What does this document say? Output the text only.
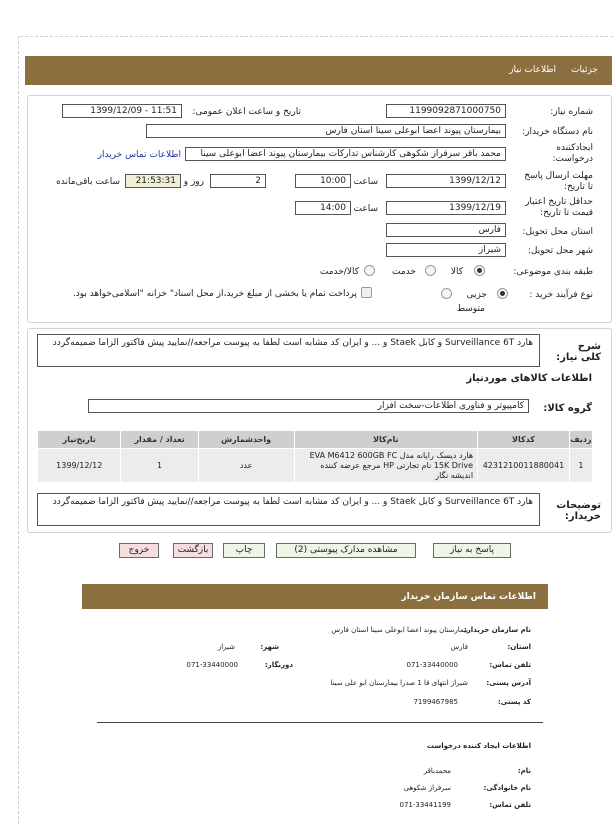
جزئیات
اطلاعات نیاز
شماره نیاز:
1199092871000750
تاریخ و ساعت اعلان عمومی:
1399/12/09 - 11:51
نام دستگاه خریدار:
بیمارستان پیوند اعضا ابوعلی سینا استان فارس
ایجادکننده درخواست:
محمد باقر سرفراز شکوهی کارشناس تداركات بیمارستان پیوند اعضا ابوعلی سینا
اطلاعات تماس خریدار
مهلت ارسال پاسخ تا تاریخ:
1399/12/12
ساعت
10:00
2
روز و
21:53:31
ساعت باقی‌مانده
حداقل تاریخ اعتبار قیمت تا تاریخ:
1399/12/19
ساعت
14:00
استان محل تحویل:
فارس
شهر محل تحویل:
شیراز
طبقه بندی موضوعی:
کالا
خدمت
کالا/خدمت
نوع فرآیند خرید :
جزیی
متوسط
پرداخت تمام یا بخشی از مبلغ خرید،از محل اسناد" خزانه "اسلامی‌خواهد بود.
شرح کلی نیاز:
هارد Surveillance 6T و کابل Staek و ... و ایران کد مشابه است لطفا به پیوست مراجعه//نمایید پیش فاکتور الزاما ضمیمه‌گردد
اطلاعات کالاهای موردنیاز
گروه کالا:
کامپیوتر و فناوری اطلاعات-سخت افزار
ردیف	کدکالا	نام‌کالا	واحدشمارش	تعداد / مقدار	تاریخ‌نیاز
1	4231210011880041	هارد دیسک رایانه مدل EVA M6412 600GB FC 15K Drive نام تجارتی HP مرجع عرضه کننده اندیشه نگار	عدد	1	1399/12/12
توضیحات خریدار:
هارد Surveillance 6T و کابل Staek و ... و ایران کد مشابه است لطفا به پیوست مراجعه//نمایید پیش فاکتور الزاما ضمیمه‌گردد
پاسخ به نیاز
مشاهده مدارک پیوستی (2)
چاپ
بازگشت
خروج
اطلاعات تماس سازمان خریدار
نام سازمان خریدار:
بیمارستان پیوند اعضا ابوعلی سینا استان فارس
استان:
فارس
شهر:
شیراز
تلفن تماس:
071-33440000
دورنگار:
071-33440000
آدرس پستی:
شیراز انتهای قا 1 صدرا بیمارستان ابو علی سینا
کد پستی:
7199467985
اطلاعات ایجاد کننده درخواست
نام:
محمدباقر
نام خانوادگی:
سرفراز شکوهی
تلفن تماس:
071-33441199
